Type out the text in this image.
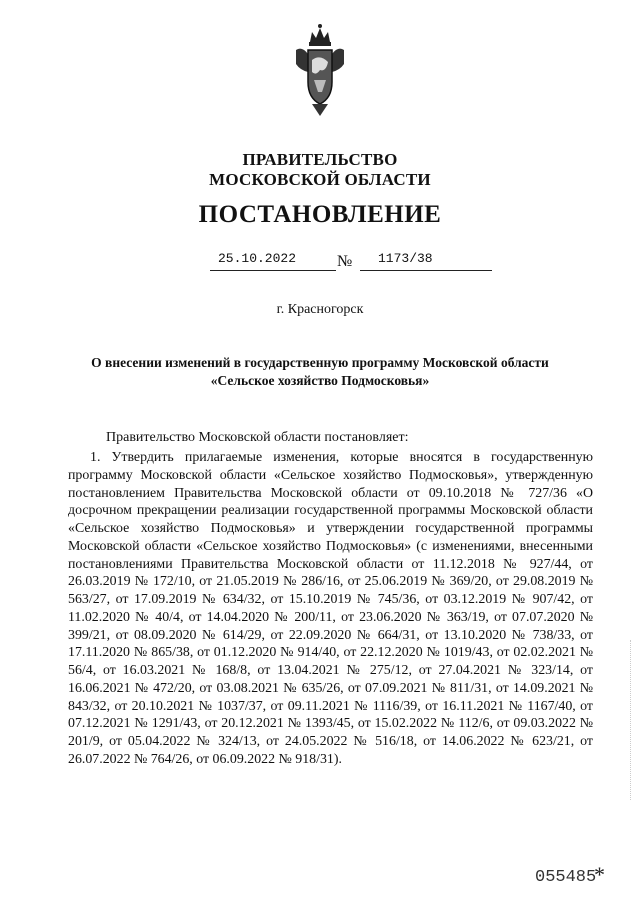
ПРАВИТЕЛЬСТВО
МОСКОВСКОЙ ОБЛАСТИ
ПОСТАНОВЛЕНИЕ
25.10.2022	№ 1173/38
г. Красногорск
О внесении изменений в государственную программу Московской области
«Сельское хозяйство Подмосковья»
Правительство Московской области постановляет:

1. Утвердить прилагаемые изменения, которые вносятся в государственную программу Московской области «Сельское хозяйство Подмосковья», утвержденную постановлением Правительства Московской области от 09.10.2018 № 727/36 «О досрочном прекращении реализации государственной программы Московской области «Сельское хозяйство Подмосковья» и утверждении государственной программы Московской области «Сельское хозяйство Подмосковья» (с изменениями, внесенными постановлениями Правительства Московской области от 11.12.2018 № 927/44, от 26.03.2019 № 172/10, от 21.05.2019 № 286/16, от 25.06.2019 № 369/20, от 29.08.2019 № 563/27, от 17.09.2019 № 634/32, от 15.10.2019 № 745/36, от 03.12.2019 № 907/42, от 11.02.2020 № 40/4, от 14.04.2020 № 200/11, от 23.06.2020 № 363/19, от 07.07.2020 № 399/21, от 08.09.2020 № 614/29, от 22.09.2020 № 664/31, от 13.10.2020 № 738/33, от 17.11.2020 № 865/38, от 01.12.2020 № 914/40, от 22.12.2020 № 1019/43, от 02.02.2021 № 56/4, от 16.03.2021 № 168/8, от 13.04.2021 № 275/12, от 27.04.2021 № 323/14, от 16.06.2021 № 472/20, от 03.08.2021 № 635/26, от 07.09.2021 № 811/31, от 14.09.2021 № 843/32, от 20.10.2021 № 1037/37, от 09.11.2021 № 1116/39, от 16.11.2021 № 1167/40, от 07.12.2021 № 1291/43, от 20.12.2021 № 1393/45, от 15.02.2022 № 112/6, от 09.03.2022 № 201/9, от 05.04.2022 № 324/13, от 24.05.2022 № 516/18, от 14.06.2022 № 623/21, от 26.07.2022 № 764/26, от 06.09.2022 № 918/31).

055485
*
